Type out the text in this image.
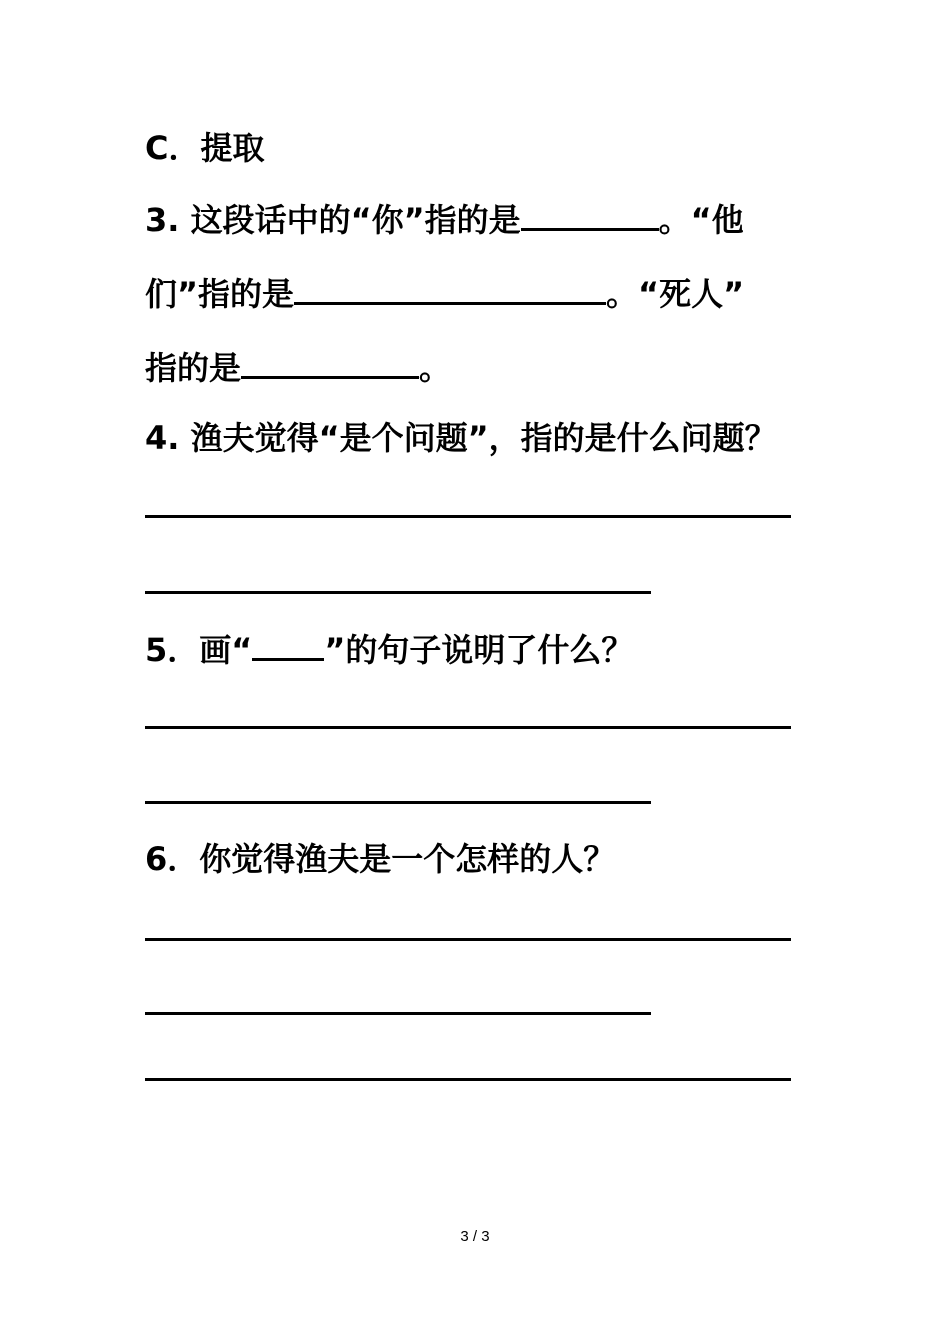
C．提取
3. 这段话中的“你”指的是	。“他
们”指的是	。“死人”
指的是	。
4. 渔夫觉得“是个问题”，指的是什么问题？
5．画“ ”的句子说明了什么？
6．你觉得渔夫是一个怎样的人？
3 / 3
